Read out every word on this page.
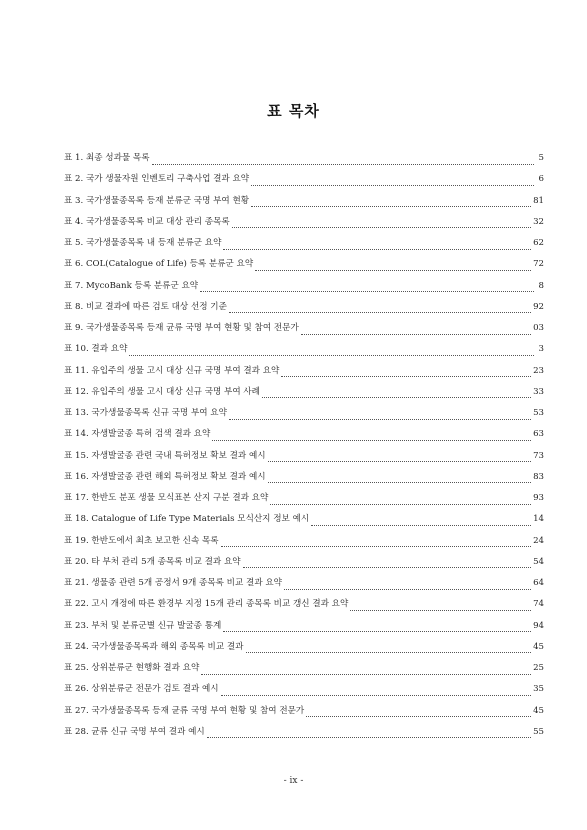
표 목차
표 1. 최종 성과물 목록	5
표 2. 국가 생물자원 인벤토리 구축사업 결과 요약	6
표 3. 국가생물종목록 등재 분류군 국명 부여 현황	81
표 4. 국가생물종목록 비교 대상 관리 종목록	32
표 5. 국가생물종목록 내 등재 분류군 요약	62
표 6. COL(Catalogue of Life) 등록 분류군 요약	72
표 7. MycoBank 등록 분류군 요약	8
표 8. 비교 결과에 따른 검토 대상 선정 기준	92
표 9. 국가생물종목록 등재 균류 국명 부여 현황 및 참여 전문가	03
표 10. 결과 요약	3
표 11. 유입주의 생물 고시 대상 신규 국명 부여 결과 요약	23
표 12. 유입주의 생물 고시 대상 신규 국명 부여 사례	33
표 13. 국가생물종목록 신규 국명 부여 요약	53
표 14. 자생발굴종 특허 검색 결과 요약	63
표 15. 자생발굴종 관련 국내 특허정보 확보 결과 예시	73
표 16. 자생발굴종 관련 해외 특허정보 확보 결과 예시	83
표 17. 한반도 분포 생물 모식표본 산지 구분 결과 요약	93
표 18. Catalogue of Life Type Materials 모식산지 정보 예시	14
표 19. 한반도에서 최초 보고한 신속 목록	24
표 20. 타 부처 관리 5개 종목록 비교 결과 요약	54
표 21. 생물종 관련 5개 공정서 9개 종목록 비교 결과 요약	64
표 22. 고시 개정에 따른 환경부 지정 15개 관리 종목록 비교 갱신 결과 요약	74
표 23. 부처 및 분류군별 신규 발굴종 통계	94
표 24. 국가생물종목록과 해외 종목록 비교 결과	45
표 25. 상위분류군 현행화 결과 요약	25
표 26. 상위분류군 전문가 검토 결과 예시	35
표 27. 국가생물종목록 등재 균류 국명 부여 현황 및 참여 전문가	45
표 28. 균류 신규 국명 부여 결과 예시	55
- ix -
